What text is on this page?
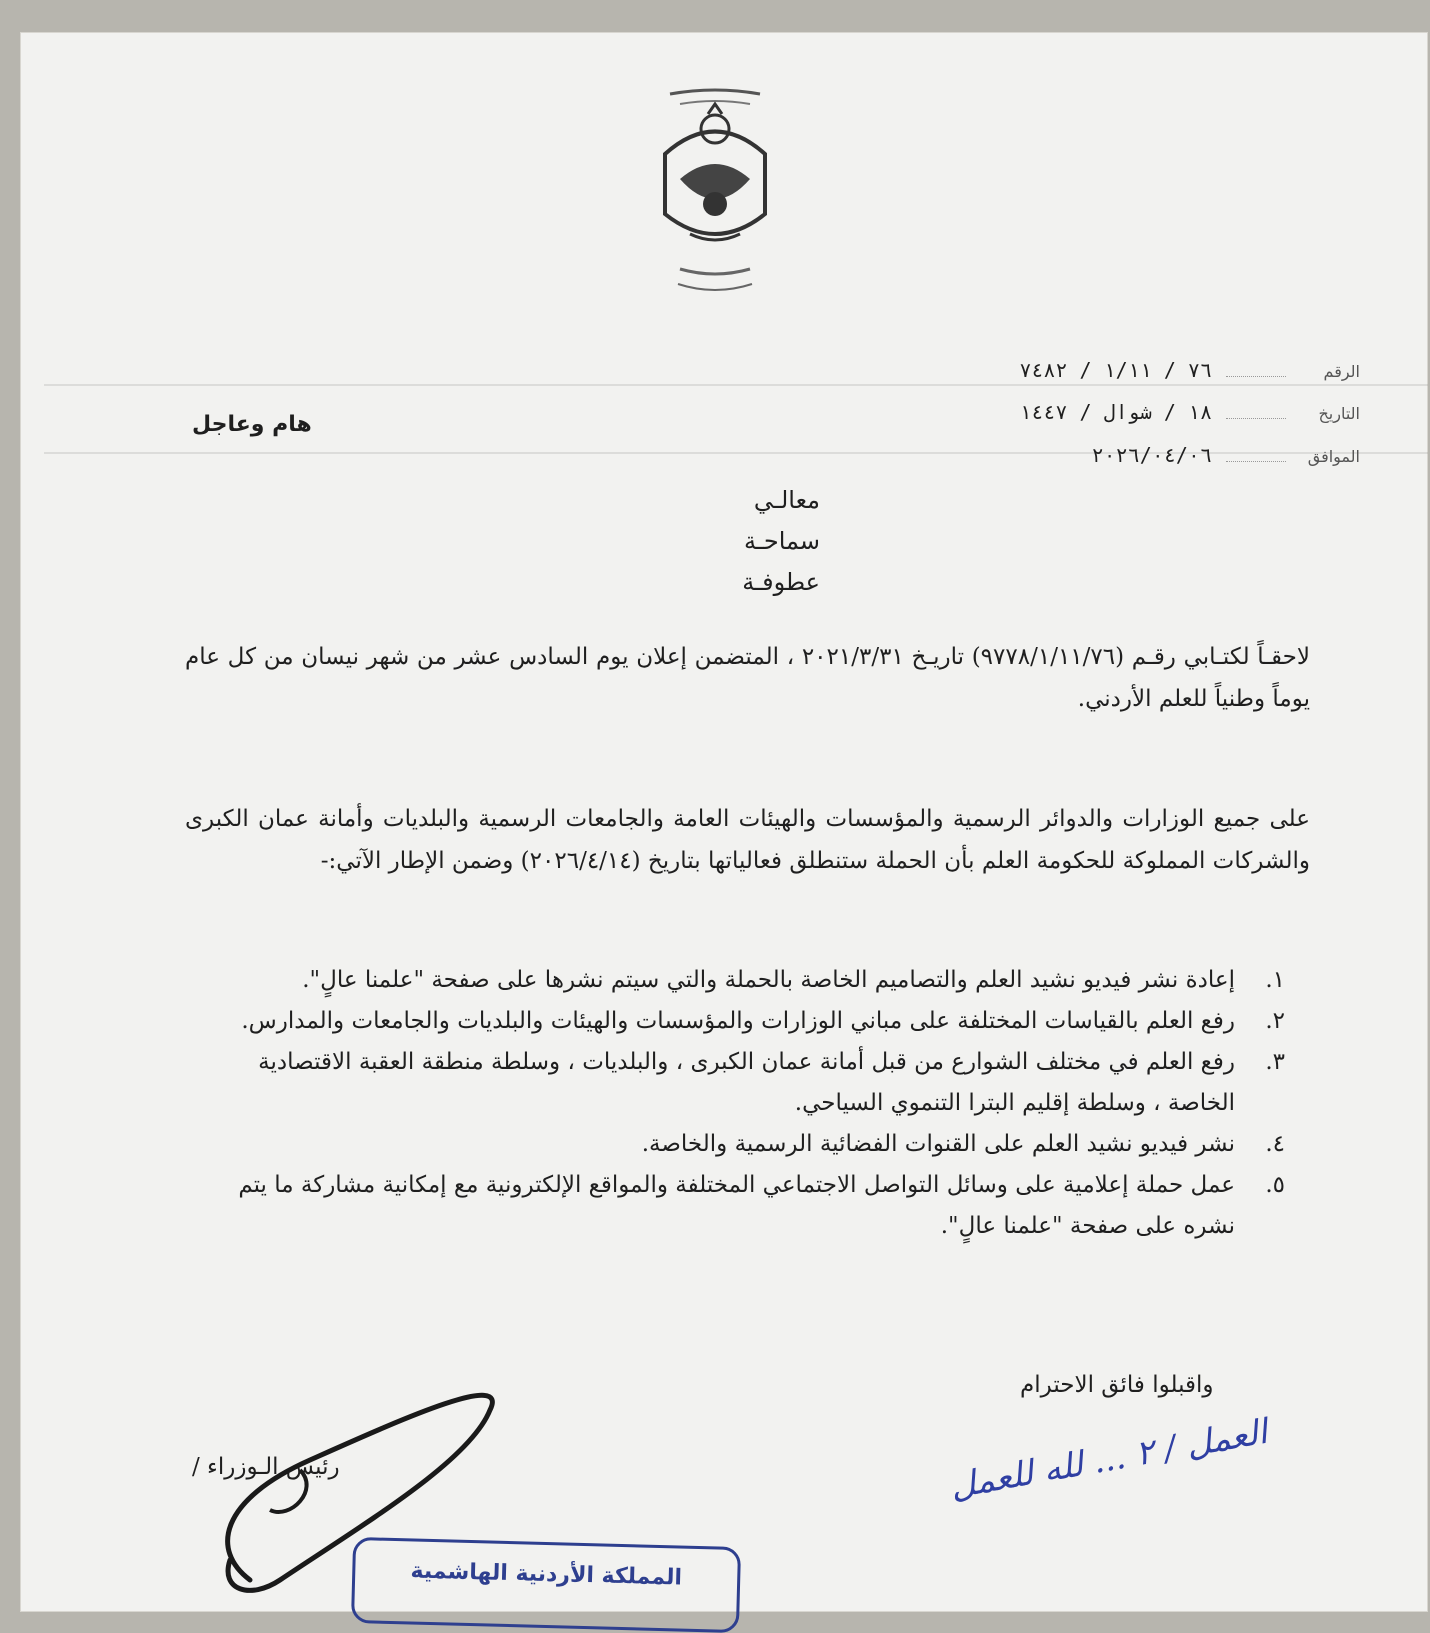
الرقم
٧٦ / ١/١١ / ٧٤٨٢
التاريخ
١٨ / شوال / ١٤٤٧
الموافق
٢٠٢٦/٠٤/٠٦
هام وعاجل
معالـي
سماحـة
عطوفـة
لاحقـاً لكتـابي رقـم (٩٧٧٨/١/١١/٧٦) تاريـخ ٢٠٢١/٣/٣١ ، المتضمن إعلان يوم السادس عشر من شهر نيسان من كل عام يوماً وطنياً للعلم الأردني.
على جميع الوزارات والدوائر الرسمية والمؤسسات والهيئات العامة والجامعات الرسمية والبلديات وأمانة عمان الكبرى والشركات المملوكة للحكومة العلم بأن الحملة ستنطلق فعالياتها بتاريخ (٢٠٢٦/٤/١٤) وضمن الإطار الآتي:-
١.
إعادة نشر فيديو نشيد العلم والتصاميم الخاصة بالحملة والتي سيتم نشرها على صفحة "علمنا عالٍ".
٢.
رفع العلم بالقياسات المختلفة على مباني الوزارات والمؤسسات والهيئات والبلديات والجامعات والمدارس.
٣.
رفع العلم في مختلف الشوارع من قبل أمانة عمان الكبرى ، والبلديات ، وسلطة منطقة العقبة الاقتصادية الخاصة ، وسلطة إقليم البترا التنموي السياحي.
٤.
نشر فيديو نشيد العلم على القنوات الفضائية الرسمية والخاصة.
٥.
عمل حملة إعلامية على وسائل التواصل الاجتماعي المختلفة والمواقع الإلكترونية مع إمكانية مشاركة ما يتم نشره على صفحة "علمنا عالٍ".
واقبلوا فائق الاحترام
رئيس الـوزراء /
المملكة الأردنية الهاشمية
العمل / ٢ ... لله للعمل
